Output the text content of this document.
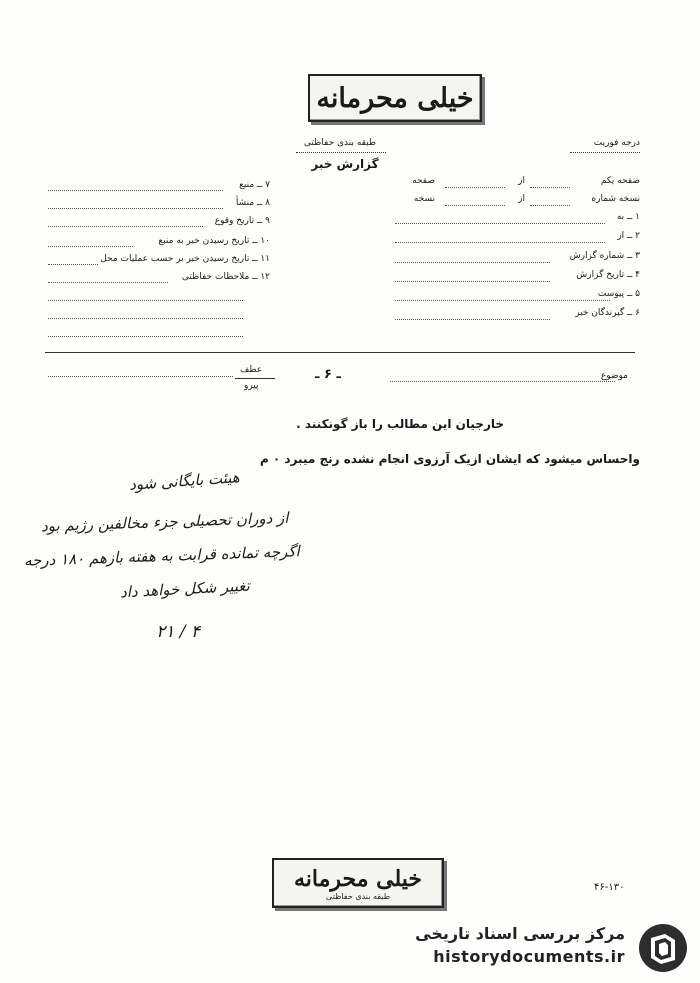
خیلی محرمانه
طبقه بندی حفاظتی	درجه فوریت
گزارش خبر
صفحه یکم
از
صفحه
نسخه شماره
از
نسخه
۱ ــ به
۲ ــ از
۳ ــ شماره گزارش
۴ ــ تاریخ گزارش
۵ ــ پیوست
۶ ــ گیرندگان خبر
۷ ــ منبع
۸ ــ منشأ
۹ ــ تاریخ وقوع
۱۰ ــ تاریخ رسیدن خبر به منبع
۱۱ ــ تاریخ رسیدن خبر بر حسب عملیات محل
۱۲ ــ ملاحظات حفاظتی
موضوع
ـ ۶ ـ
عطف
پیرو
خارجیان این مطالب را باز گونکنند .
واحساس میشود که ایشان ازیک آرزوی انجام نشده رنج میبرد ۰ م
هیئت بایگانی شود
از دوران تحصیلی جزء مخالفین رژیم بود
اگرچه تمانده قرابت به هفته بازهم ۱۸۰ درجه
تغییر شکل خواهد داد
۲۱ / ۴
خیلی محرمانه
طبقه بندی حفاظتی
۴۶-۱۳۰
مرکز بررسی اسناد تاریخی
historydocuments.ir
